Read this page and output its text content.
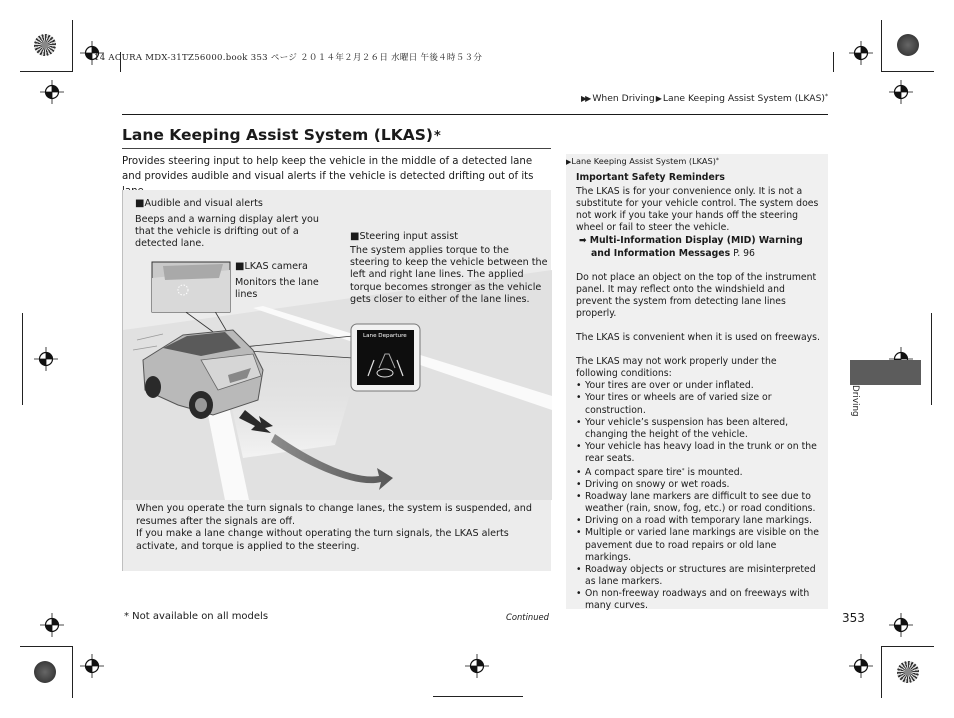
14 ACURA MDX-31TZ56000.book 353 ページ ２０１４年２月２６日 水曜日 午後４時５３分
▶▶ When Driving▶Lane Keeping Assist System (LKAS)*
Lane Keeping Assist System (LKAS)*
Provides steering input to help keep the vehicle in the middle of a detected lane and provides audible and visual alerts if the vehicle is detected drifting out of its
Lane Departure
■Audible and visual alerts
Beeps and a warning display alert you that the vehicle is drifting out of a detected lane.
■Steering input assist
The system applies torque to the steering to keep the vehicle between the left and right lane lines. The applied torque becomes stronger as the vehicle gets closer to either of the lane lines.
■LKAS camera
Monitors the lane lines
When you operate the turn signals to change lanes, the system is suspended, and resumes after the signals are off.
If you make a lane change without operating the turn signals, the LKAS alerts activate, and torque is applied to the steering.
▶Lane Keeping Assist System (LKAS)*
Important Safety Reminders

The LKAS is for your convenience only. It is not a substitute for your vehicle control. The system does not work if you take your hands off the steering wheel or fail to steer the vehicle.

➡ Multi-Information Display (MID) Warning and Information Messages P. 96

Do not place an object on the top of the instrument panel. It may reflect onto the windshield and prevent the system from detecting lane lines properly.

The LKAS is convenient when it is used on freeways.

The LKAS may not work properly under the following conditions:

• Your tires are over or under inflated.
• Your tires or wheels are of varied size or construction.
• Your vehicle’s suspension has been altered, changing the height of the vehicle.
• Your vehicle has heavy load in the trunk or on the rear seats.
• A compact spare tire* is mounted.
• Driving on snowy or wet roads.
• Roadway lane markers are difficult to see due to weather (rain, snow, fog, etc.) or road conditions.
• Driving on a road with temporary lane markings.
• Multiple or varied lane markings are visible on the pavement due to road repairs or old lane markings.
• Roadway objects or structures are misinterpreted as lane markers.
• On non-freeway roadways and on freeways with many curves.
Driving
* Not available on all models	Continued	353
